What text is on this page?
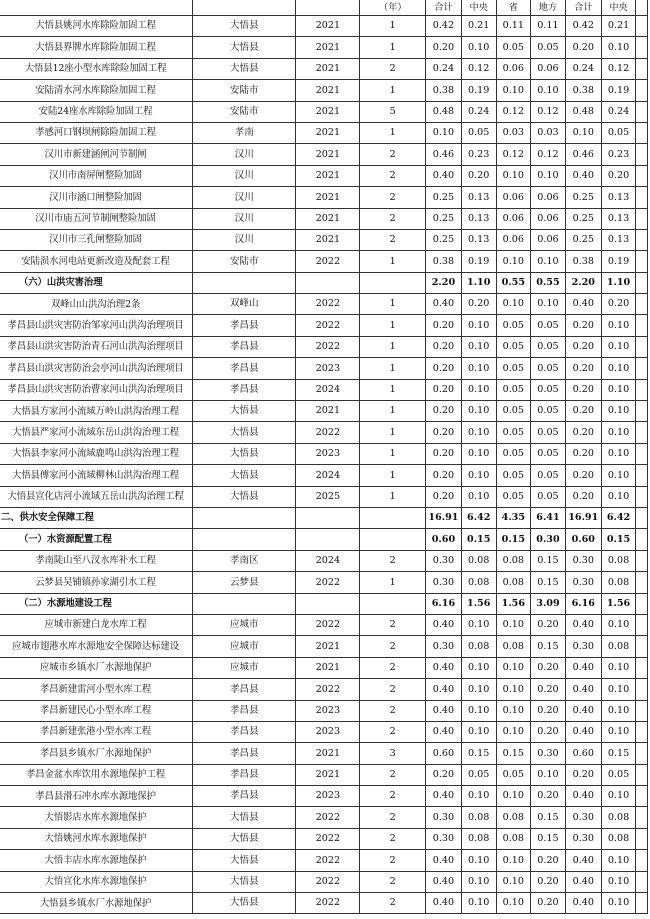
			（年）	合计	中央	省	地方	合计	中央	
大悟县姚河水库除险加固工程	大悟县	2021	1	0.42	0.21	0.11	0.11	0.42	0.21	
大悟县界牌水库除险加固工程	大悟县	2021	1	0.20	0.10	0.05	0.05	0.20	0.10	
大悟县12座小型水库除险加固工程	大悟县	2021	2	0.24	0.12	0.06	0.06	0.24	0.12	
安陆清水河水库除险加固工程	安陆市	2021	1	0.38	0.19	0.10	0.10	0.38	0.19	
安陆24座水库除险加固工程	安陆市	2021	5	0.48	0.24	0.12	0.12	0.48	0.24	
孝感河口钢坝闸除险加固工程	孝南	2021	1	0.10	0.05	0.03	0.03	0.10	0.05	
汉川市新建涵闸河节制闸	汉川	2021	2	0.46	0.23	0.12	0.12	0.46	0.23	
汉川市南屏闸整险加固	汉川	2021	2	0.40	0.20	0.10	0.10	0.40	0.20	
汉川市涵口闸整险加固	汉川	2021	2	0.25	0.13	0.06	0.06	0.25	0.13	
汉川市庙五河节制闸整险加固	汉川	2021	2	0.25	0.13	0.06	0.06	0.25	0.13	
汉川市三孔闸整险加固	汉川	2021	2	0.25	0.13	0.06	0.06	0.25	0.13	
安陆涢水河电站更新改造及配套工程	安陆市	2022	1	0.38	0.19	0.10	0.10	0.38	0.19	
（六）山洪灾害治理				2.20	1.10	0.55	0.55	2.20	1.10	
双峰山山洪沟治理2条	双峰山	2022	1	0.40	0.20	0.10	0.10	0.40	0.20	
孝昌县山洪灾害防治邹家河山洪沟治理项目	孝昌县	2022	1	0.20	0.10	0.05	0.05	0.20	0.10	
孝昌县山洪灾害防治青石河山洪沟治理项目	孝昌县	2022	1	0.20	0.10	0.05	0.05	0.20	0.10	
孝昌县山洪灾害防治会亭河山洪沟治理项目	孝昌县	2023	1	0.20	0.10	0.05	0.05	0.20	0.10	
孝昌县山洪灾害防治曹家河山洪沟治理项目	孝昌县	2024	1	0.20	0.10	0.05	0.05	0.20	0.10	
大悟县方家河小流域万岭山洪沟治理工程	大悟县	2021	1	0.20	0.10	0.05	0.05	0.20	0.10	
大悟县严家河小流域东岳山洪沟治理工程	大悟县	2022	1	0.20	0.10	0.05	0.05	0.20	0.10	
大悟县李家河小流域鹿鸣山洪沟治理工程	大悟县	2023	1	0.20	0.10	0.05	0.05	0.20	0.10	
大悟县傅家河小流域柳林山洪沟治理工程	大悟县	2024	1	0.20	0.10	0.05	0.05	0.20	0.10	
大悟县宣化店河小流域五岳山洪沟治理工程	大悟县	2025	1	0.20	0.10	0.05	0.05	0.20	0.10	
二、供水安全保障工程				16.91	6.42	4.35	6.41	16.91	6.42	
（一）水资源配置工程				0.60	0.15	0.15	0.30	0.60	0.15	
孝南陡山至八汊水库补水工程	孝南区	2024	2	0.30	0.08	0.08	0.15	0.30	0.08	
云梦县吴铺镇孙家湖引水工程	云梦县	2022	1	0.30	0.08	0.08	0.15	0.30	0.08	
（二）水源地建设工程				6.16	1.56	1.56	3.09	6.16	1.56	
应城市新建白龙水库工程	应城市	2022	2	0.40	0.10	0.10	0.20	0.40	0.10	
应城市翅港水库水源地安全保障达标建设	应城市	2021	2	0.30	0.08	0.08	0.15	0.30	0.08	
应城市乡镇水厂水源地保护	应城市	2021	2	0.40	0.10	0.10	0.20	0.40	0.10	
孝昌新建雷河小型水库工程	孝昌县	2022	2	0.40	0.10	0.10	0.20	0.40	0.10	
孝昌新建民心小型水库工程	孝昌县	2023	2	0.40	0.10	0.10	0.20	0.40	0.10	
孝昌新建张港小型水库工程	孝昌县	2023	2	0.40	0.10	0.10	0.20	0.40	0.10	
孝昌县乡镇水厂水源地保护	孝昌县	2021	3	0.60	0.15	0.15	0.30	0.60	0.15	
孝昌金盆水库饮用水源地保护工程	孝昌县	2021	2	0.20	0.05	0.05	0.10	0.20	0.05	
孝昌县滑石冲水库水源地保护	孝昌县	2023	2	0.40	0.10	0.10	0.20	0.40	0.10	
大悟影店水库水源地保护	大悟县	2022	2	0.30	0.08	0.08	0.15	0.30	0.08	
大悟姚河水库水源地保护	大悟县	2022	2	0.30	0.08	0.08	0.15	0.30	0.08	
大悟丰店水库水源地保护	大悟县	2022	2	0.40	0.10	0.10	0.20	0.40	0.10	
大悟宣化水库水源地保护	大悟县	2022	2	0.40	0.10	0.10	0.20	0.40	0.10	
大悟县乡镇水厂水源地保护	大悟县	2022	2	0.40	0.10	0.10	0.20	0.40	0.10	
